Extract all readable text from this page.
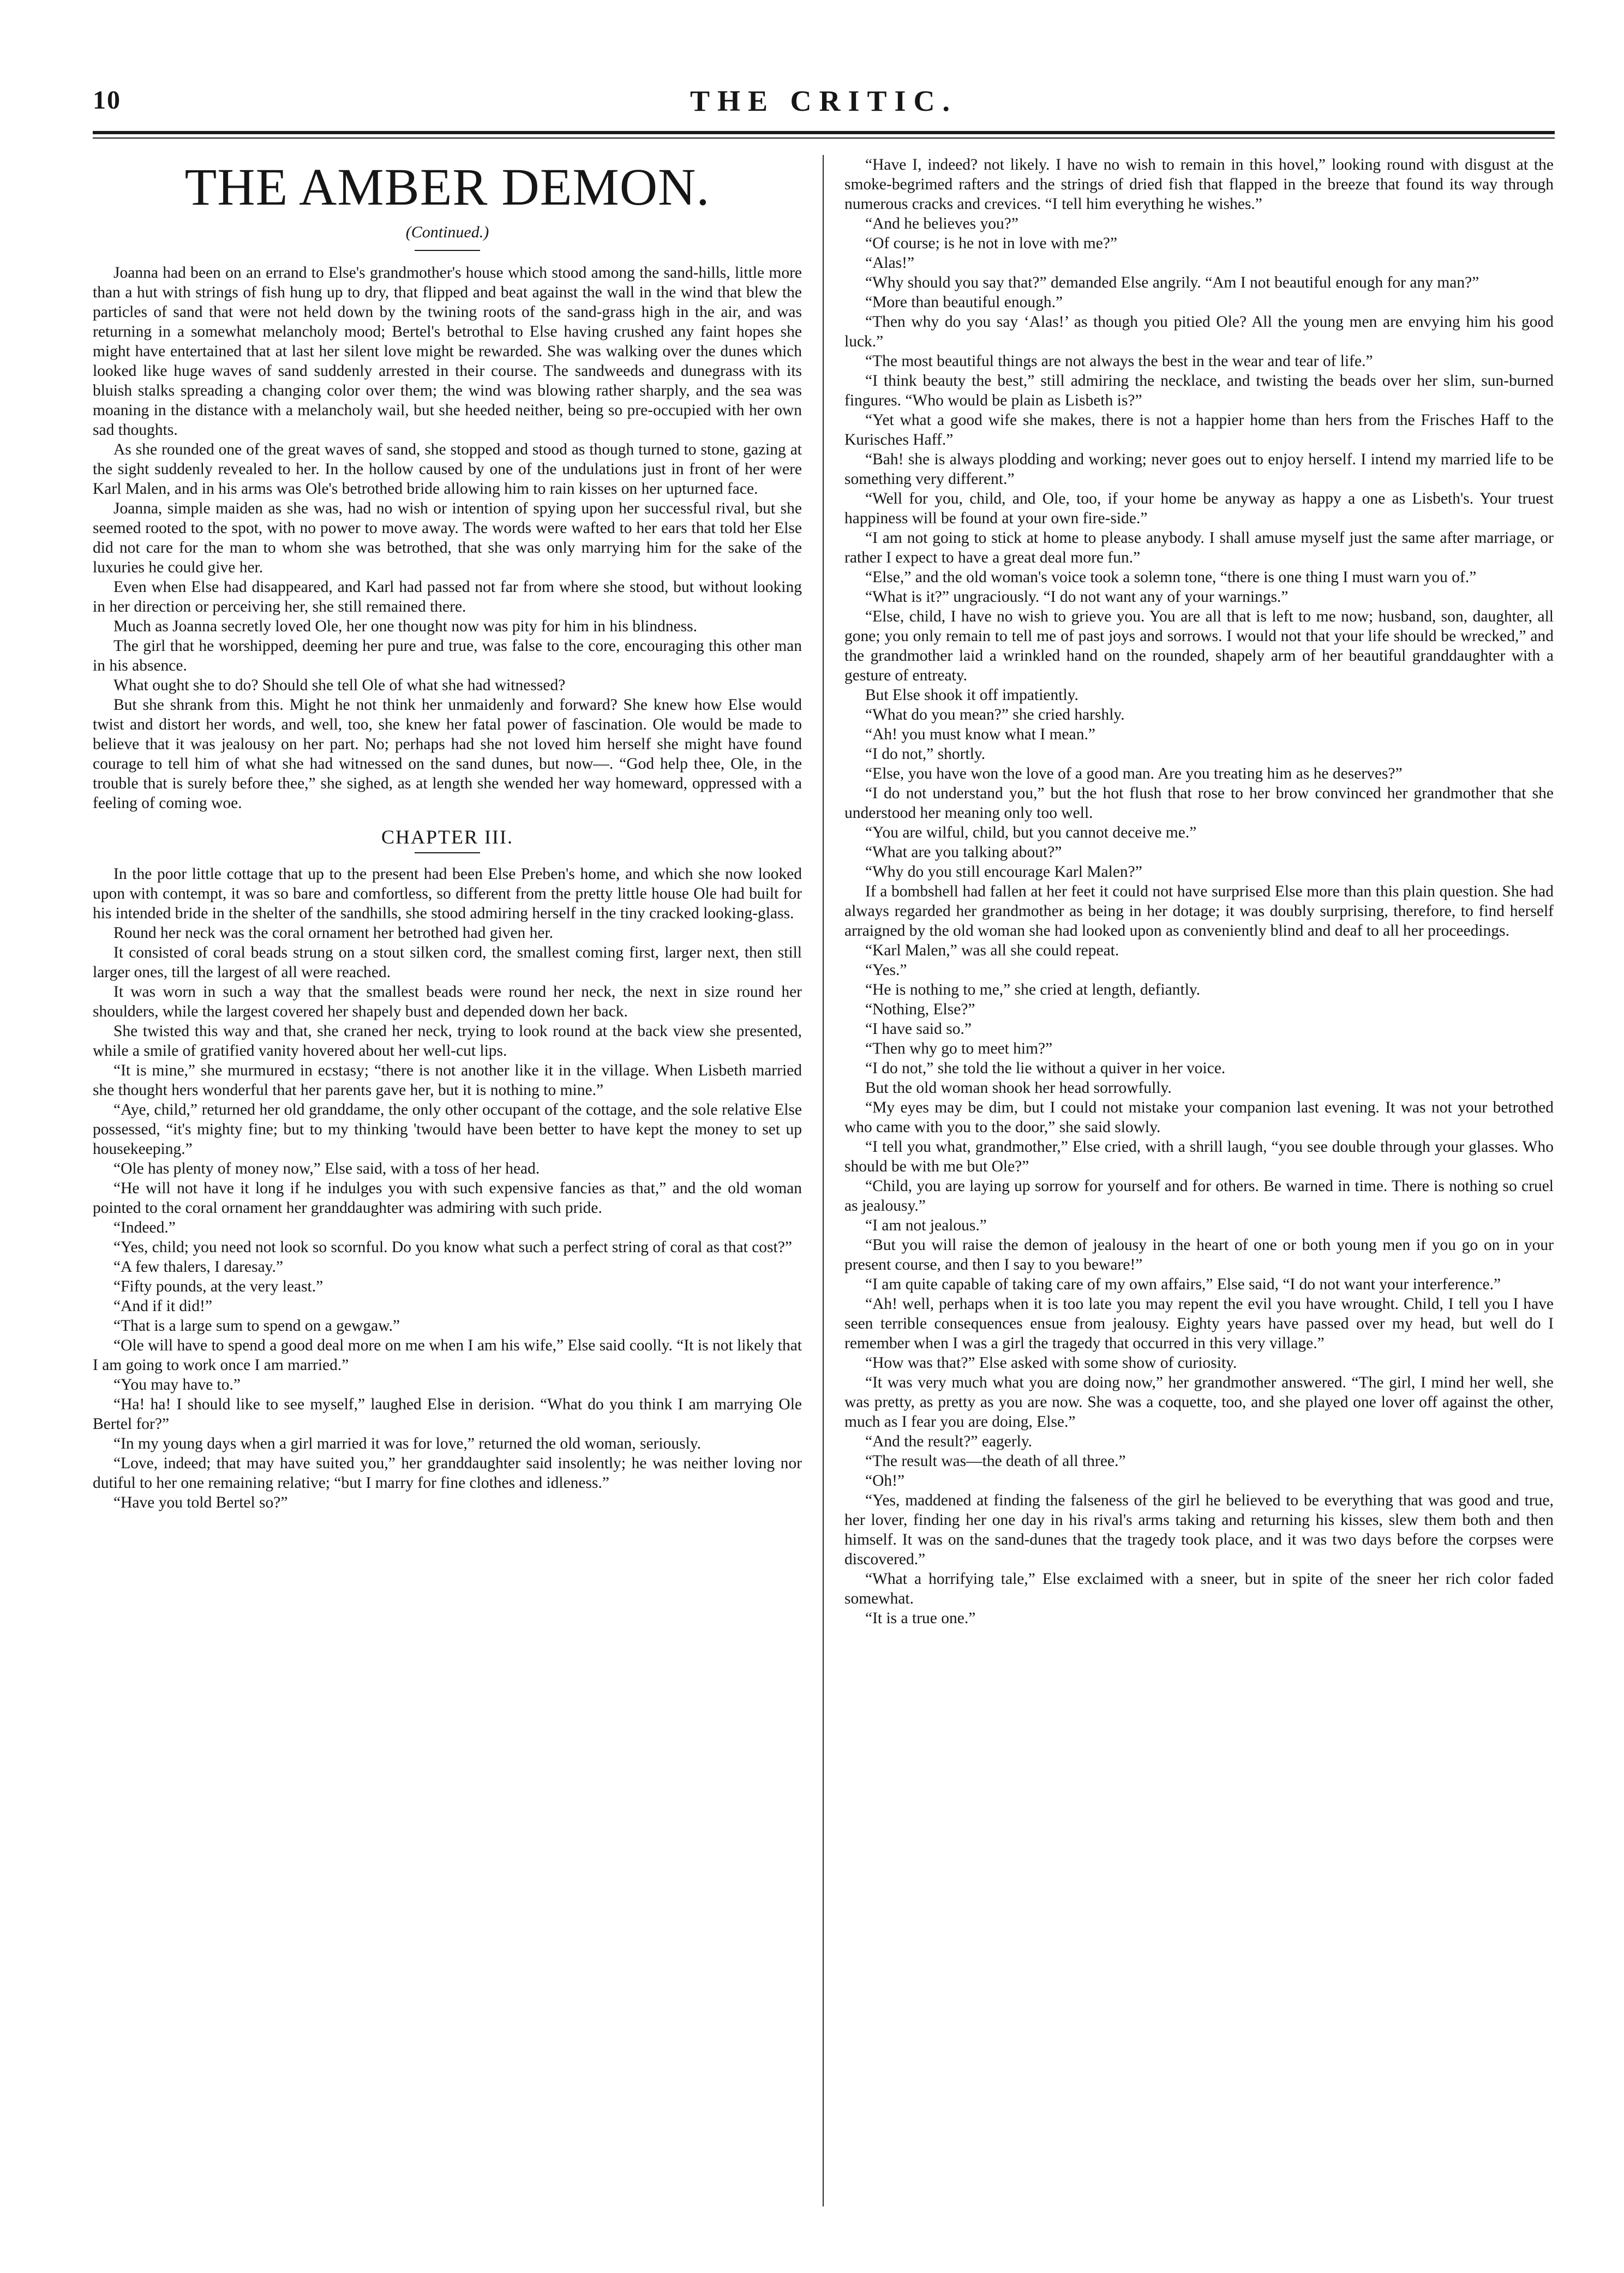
10	THE CRITIC.
THE AMBER DEMON.
(Continued.)

Joanna had been on an errand to Else's grandmother's house which stood among the sand-hills, little more than a hut with strings of fish hung up to dry, that flipped and beat against the wall in the wind that blew the particles of sand that were not held down by the twining roots of the sand-grass high in the air, and was returning in a somewhat melancholy mood; Bertel's betrothal to Else having crushed any faint hopes she might have entertained that at last her silent love might be rewarded. She was walking over the dunes which looked like huge waves of sand suddenly arrested in their course. The sandweeds and dunegrass with its bluish stalks spreading a changing color over them; the wind was blowing rather sharply, and the sea was moaning in the distance with a melancholy wail, but she heeded neither, being so pre-occupied with her own sad thoughts.

As she rounded one of the great waves of sand, she stopped and stood as though turned to stone, gazing at the sight suddenly revealed to her. In the hollow caused by one of the undulations just in front of her were Karl Malen, and in his arms was Ole's betrothed bride allowing him to rain kisses on her upturned face.

Joanna, simple maiden as she was, had no wish or intention of spying upon her successful rival, but she seemed rooted to the spot, with no power to move away. The words were wafted to her ears that told her Else did not care for the man to whom she was betrothed, that she was only marrying him for the sake of the luxuries he could give her.

Even when Else had disappeared, and Karl had passed not far from where she stood, but without looking in her direction or perceiving her, she still remained there.

Much as Joanna secretly loved Ole, her one thought now was pity for him in his blindness.

The girl that he worshipped, deeming her pure and true, was false to the core, encouraging this other man in his absence.

What ought she to do? Should she tell Ole of what she had witnessed?

But she shrank from this. Might he not think her unmaidenly and forward? She knew how Else would twist and distort her words, and well, too, she knew her fatal power of fascination. Ole would be made to believe that it was jealousy on her part. No; perhaps had she not loved him herself she might have found courage to tell him of what she had witnessed on the sand dunes, but now—. “God help thee, Ole, in the trouble that is surely before thee,” she sighed, as at length she wended her way homeward, oppressed with a feeling of coming woe.

CHAPTER III.

In the poor little cottage that up to the present had been Else Preben's home, and which she now looked upon with contempt, it was so bare and comfortless, so different from the pretty little house Ole had built for his intended bride in the shelter of the sandhills, she stood admiring herself in the tiny cracked looking-glass.

Round her neck was the coral ornament her betrothed had given her.

It consisted of coral beads strung on a stout silken cord, the smallest coming first, larger next, then still larger ones, till the largest of all were reached.

It was worn in such a way that the smallest beads were round her neck, the next in size round her shoulders, while the largest covered her shapely bust and depended down her back.

She twisted this way and that, she craned her neck, trying to look round at the back view she presented, while a smile of gratified vanity hovered about her well-cut lips.

“It is mine,” she murmured in ecstasy; “there is not another like it in the village. When Lisbeth married she thought hers wonderful that her parents gave her, but it is nothing to mine.”

“Aye, child,” returned her old granddame, the only other occupant of the cottage, and the sole relative Else possessed, “it's mighty fine; but to my thinking 'twould have been better to have kept the money to set up housekeeping.”

“Ole has plenty of money now,” Else said, with a toss of her head.

“He will not have it long if he indulges you with such expensive fancies as that,” and the old woman pointed to the coral ornament her granddaughter was admiring with such pride.

“Indeed.”

“Yes, child; you need not look so scornful. Do you know what such a perfect string of coral as that cost?”

“A few thalers, I daresay.”

“Fifty pounds, at the very least.”

“And if it did!”

“That is a large sum to spend on a gewgaw.”

“Ole will have to spend a good deal more on me when I am his wife,” Else said coolly. “It is not likely that I am going to work once I am married.”

“You may have to.”

“Ha! ha! I should like to see myself,” laughed Else in derision. “What do you think I am marrying Ole Bertel for?”

“In my young days when a girl married it was for love,” returned the old woman, seriously.

“Love, indeed; that may have suited you,” her granddaughter said insolently; he was neither loving nor dutiful to her one remaining relative; “but I marry for fine clothes and idleness.”

“Have you told Bertel so?”

“Have I, indeed? not likely. I have no wish to remain in this hovel,” looking round with disgust at the smoke-begrimed rafters and the strings of dried fish that flapped in the breeze that found its way through numerous cracks and crevices. “I tell him everything he wishes.”

“And he believes you?”

“Of course; is he not in love with me?”

“Alas!”

“Why should you say that?” demanded Else angrily. “Am I not beautiful enough for any man?”

“More than beautiful enough.”

“Then why do you say ‘Alas!’ as though you pitied Ole? All the young men are envying him his good luck.”

“The most beautiful things are not always the best in the wear and tear of life.”

“I think beauty the best,” still admiring the necklace, and twisting the beads over her slim, sun-burned fingures. “Who would be plain as Lisbeth is?”

“Yet what a good wife she makes, there is not a happier home than hers from the Frisches Haff to the Kurisches Haff.”

“Bah! she is always plodding and working; never goes out to enjoy herself. I intend my married life to be something very different.”

“Well for you, child, and Ole, too, if your home be anyway as happy a one as Lisbeth's. Your truest happiness will be found at your own fire-side.”

“I am not going to stick at home to please anybody. I shall amuse myself just the same after marriage, or rather I expect to have a great deal more fun.”

“Else,” and the old woman's voice took a solemn tone, “there is one thing I must warn you of.”

“What is it?” ungraciously. “I do not want any of your warnings.”

“Else, child, I have no wish to grieve you. You are all that is left to me now; husband, son, daughter, all gone; you only remain to tell me of past joys and sorrows. I would not that your life should be wrecked,” and the grandmother laid a wrinkled hand on the rounded, shapely arm of her beautiful granddaughter with a gesture of entreaty.

But Else shook it off impatiently.

“What do you mean?” she cried harshly.

“Ah! you must know what I mean.”

“I do not,” shortly.

“Else, you have won the love of a good man. Are you treating him as he deserves?”

“I do not understand you,” but the hot flush that rose to her brow convinced her grandmother that she understood her meaning only too well.

“You are wilful, child, but you cannot deceive me.”

“What are you talking about?”

“Why do you still encourage Karl Malen?”

If a bombshell had fallen at her feet it could not have surprised Else more than this plain question. She had always regarded her grandmother as being in her dotage; it was doubly surprising, therefore, to find herself arraigned by the old woman she had looked upon as conveniently blind and deaf to all her proceedings.

“Karl Malen,” was all she could repeat.

“Yes.”

“He is nothing to me,” she cried at length, defiantly.

“Nothing, Else?”

“I have said so.”

“Then why go to meet him?”

“I do not,” she told the lie without a quiver in her voice.

But the old woman shook her head sorrowfully.

“My eyes may be dim, but I could not mistake your companion last evening. It was not your betrothed who came with you to the door,” she said slowly.

“I tell you what, grandmother,” Else cried, with a shrill laugh, “you see double through your glasses. Who should be with me but Ole?”

“Child, you are laying up sorrow for yourself and for others. Be warned in time. There is nothing so cruel as jealousy.”

“I am not jealous.”

“But you will raise the demon of jealousy in the heart of one or both young men if you go on in your present course, and then I say to you beware!”

“I am quite capable of taking care of my own affairs,” Else said, “I do not want your interference.”

“Ah! well, perhaps when it is too late you may repent the evil you have wrought. Child, I tell you I have seen terrible consequences ensue from jealousy. Eighty years have passed over my head, but well do I remember when I was a girl the tragedy that occurred in this very village.”

“How was that?” Else asked with some show of curiosity.

“It was very much what you are doing now,” her grandmother answered. “The girl, I mind her well, she was pretty, as pretty as you are now. She was a coquette, too, and she played one lover off against the other, much as I fear you are doing, Else.”

“And the result?” eagerly.

“The result was—the death of all three.”

“Oh!”

“Yes, maddened at finding the falseness of the girl he believed to be everything that was good and true, her lover, finding her one day in his rival's arms taking and returning his kisses, slew them both and then himself. It was on the sand-dunes that the tragedy took place, and it was two days before the corpses were discovered.”

“What a horrifying tale,” Else exclaimed with a sneer, but in spite of the sneer her rich color faded somewhat.

“It is a true one.”
